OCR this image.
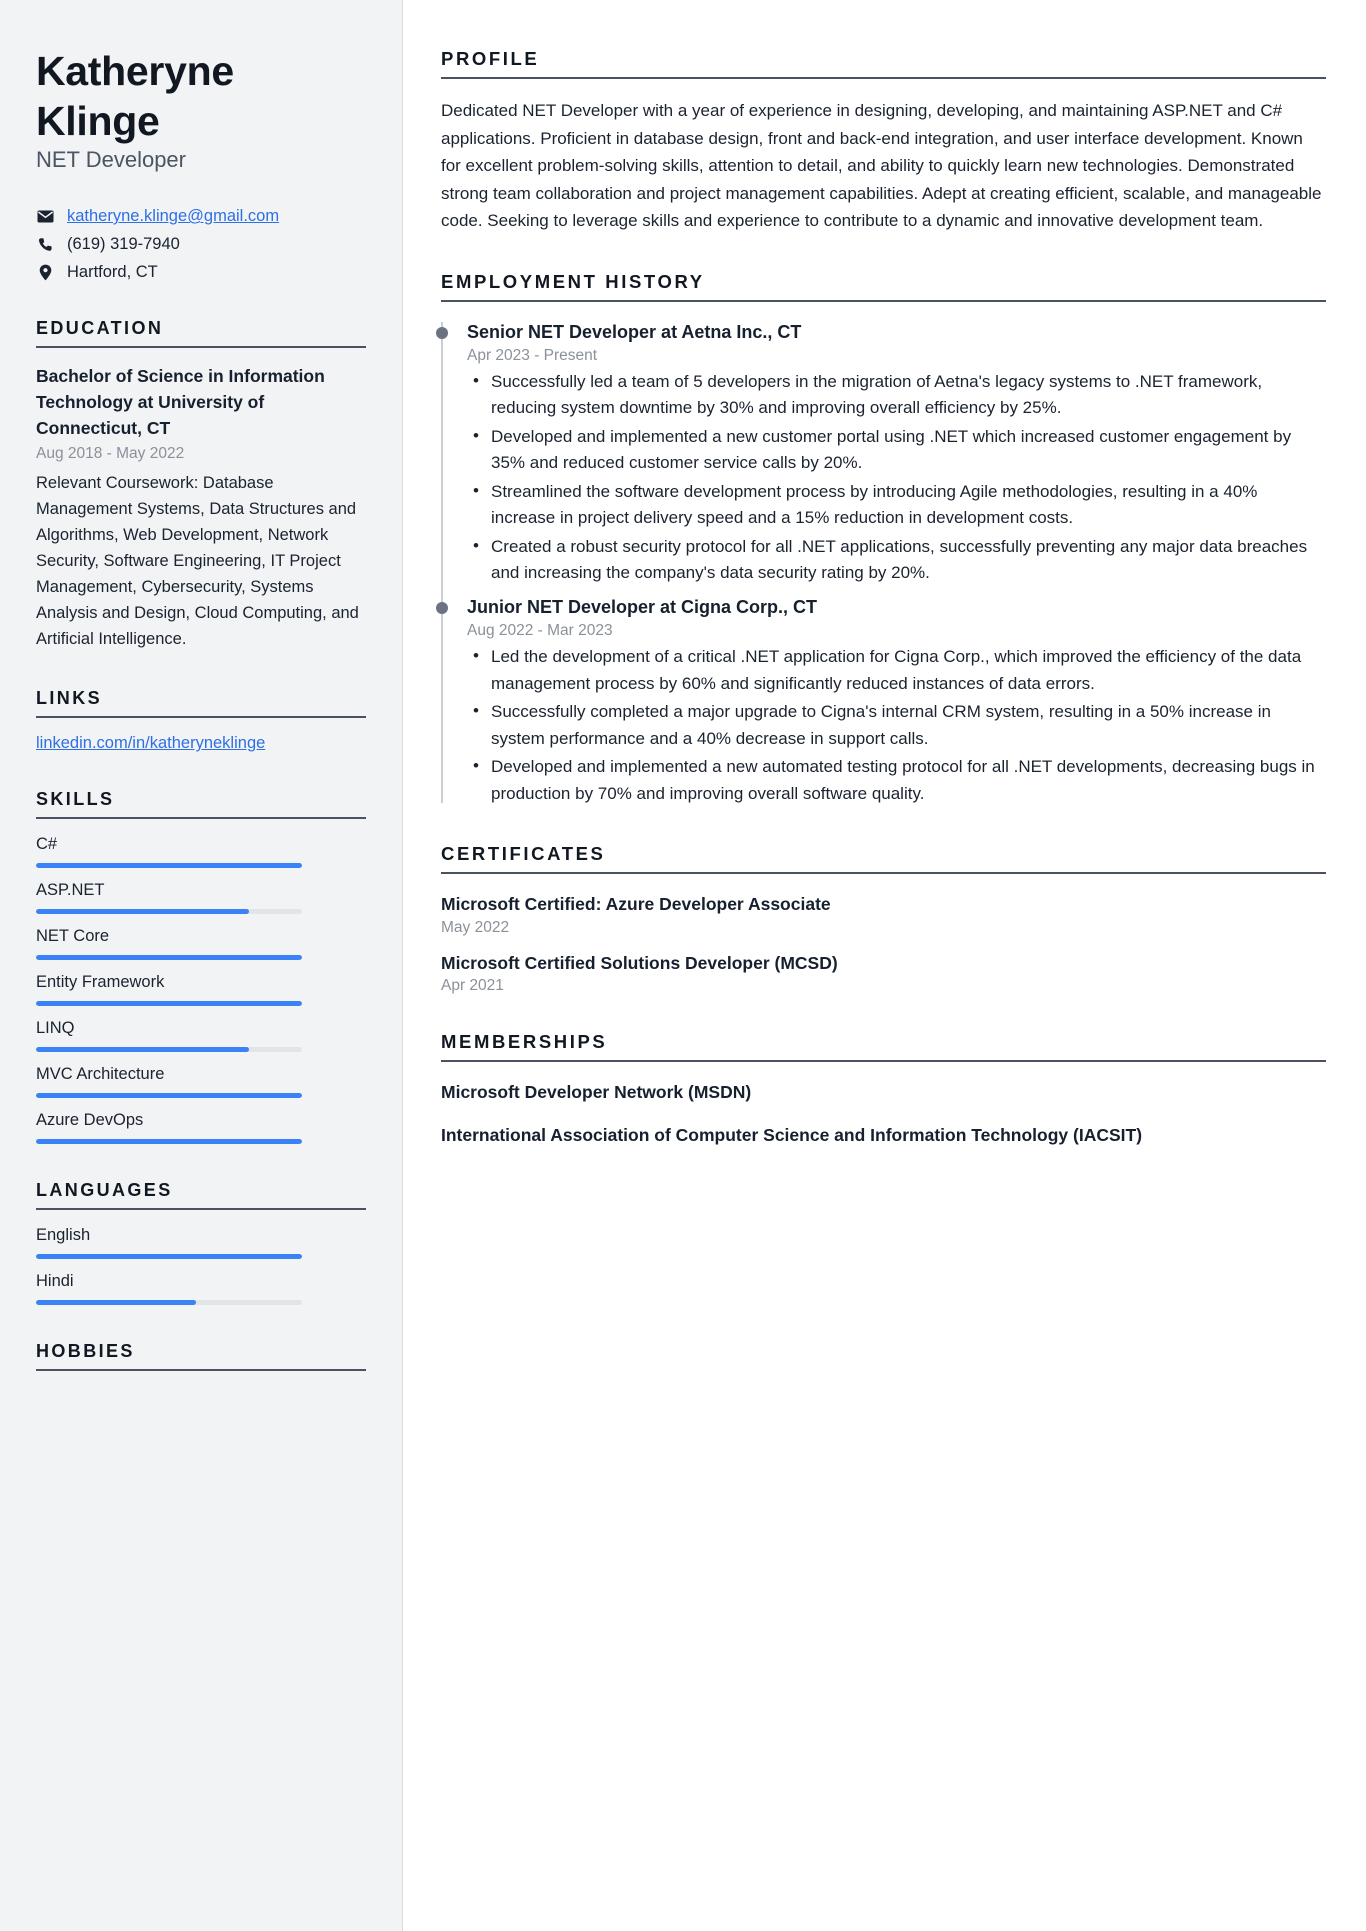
Katheryne
Klinge
NET Developer
katheryne.klinge@gmail.com
(619) 319-7940
Hartford, CT
EDUCATION
Bachelor of Science in Information Technology at University of Connecticut, CT
Aug 2018 - May 2022
Relevant Coursework: Database Management Systems, Data Structures and Algorithms, Web Development, Network Security, Software Engineering, IT Project Management, Cybersecurity, Systems Analysis and Design, Cloud Computing, and Artificial Intelligence.
LINKS
linkedin.com/in/katheryneklinge
SKILLS
C#
ASP.NET
NET Core
Entity Framework
LINQ
MVC Architecture
Azure DevOps
LANGUAGES
English
Hindi
HOBBIES
PROFILE

Dedicated NET Developer with a year of experience in designing, developing, and maintaining ASP.NET and C# applications. Proficient in database design, front and back-end integration, and user interface development. Known for excellent problem-solving skills, attention to detail, and ability to quickly learn new technologies. Demonstrated strong team collaboration and project management capabilities. Adept at creating efficient, scalable, and manageable code. Seeking to leverage skills and experience to contribute to a dynamic and innovative development team.

EMPLOYMENT HISTORY
Senior NET Developer at Aetna Inc., CT
Apr 2023 - Present
• Successfully led a team of 5 developers in the migration of Aetna's legacy systems to .NET framework, reducing system downtime by 30% and improving overall efficiency by 25%.
• Developed and implemented a new customer portal using .NET which increased customer engagement by 35% and reduced customer service calls by 20%.
• Streamlined the software development process by introducing Agile methodologies, resulting in a 40% increase in project delivery speed and a 15% reduction in development costs.
• Created a robust security protocol for all .NET applications, successfully preventing any major data breaches and increasing the company's data security rating by 20%.
Junior NET Developer at Cigna Corp., CT
Aug 2022 - Mar 2023
• Led the development of a critical .NET application for Cigna Corp., which improved the efficiency of the data management process by 60% and significantly reduced instances of data errors.
• Successfully completed a major upgrade to Cigna's internal CRM system, resulting in a 50% increase in system performance and a 40% decrease in support calls.
• Developed and implemented a new automated testing protocol for all .NET developments, decreasing bugs in production by 70% and improving overall software quality.
CERTIFICATES
Microsoft Certified: Azure Developer Associate
May 2022
Microsoft Certified Solutions Developer (MCSD)
Apr 2021
MEMBERSHIPS
Microsoft Developer Network (MSDN)
International Association of Computer Science and Information Technology (IACSIT)
